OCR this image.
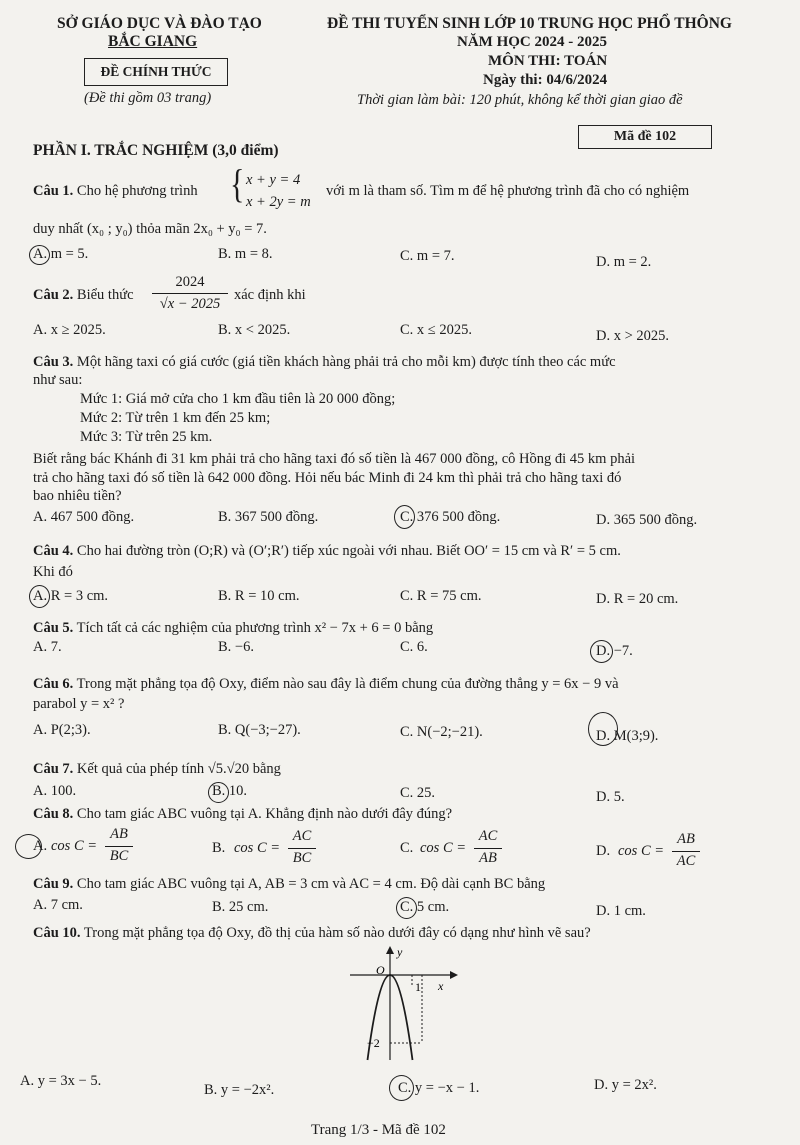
SỞ GIÁO DỤC VÀ ĐÀO TẠO
BẮC GIANG
ĐỀ CHÍNH THỨC
(Đề thi gồm 03 trang)
ĐỀ THI TUYỂN SINH LỚP 10 TRUNG HỌC PHỔ THÔNG
NĂM HỌC 2024 - 2025
MÔN THI: TOÁN
Ngày thi: 04/6/2024
Thời gian làm bài: 120 phút, không kể thời gian giao đề
Mã đề 102
PHẦN I. TRẮC NGHIỆM (3,0 điểm)
Câu 1. Cho hệ phương trình { x + y = 4
x + 2y = m
với m là tham số. Tìm m để hệ phương trình đã cho có nghiệm
duy nhất (x₀ ; y₀) thỏa mãn 2x₀ + y₀ = 7.
A. m = 5.	B. m = 8.	C. m = 7.	D. m = 2.
Câu 2. Biểu thức
2024
√x − 2025
xác định khi
A. x ≥ 2025.	B. x < 2025.	C. x ≤ 2025.	D. x > 2025.
Câu 3. Một hãng taxi có giá cước (giá tiền khách hàng phải trả cho mỗi km) được tính theo các mức
như sau:
Mức 1: Giá mở cửa cho 1 km đầu tiên là 20 000 đồng;
Mức 2: Từ trên 1 km đến 25 km;
Mức 3: Từ trên 25 km.
Biết rằng bác Khánh đi 31 km phải trả cho hãng taxi đó số tiền là 467 000 đồng, cô Hồng đi 45 km phải
trả cho hãng taxi đó số tiền là 642 000 đồng. Hỏi nếu bác Minh đi 24 km thì phải trả cho hãng taxi đó
bao nhiêu tiền?
A. 467 500 đồng.	B. 367 500 đồng.	C. 376 500 đồng.	D. 365 500 đồng.
Câu 4. Cho hai đường tròn (O;R) và (O′;R′) tiếp xúc ngoài với nhau. Biết OO′ = 15 cm và R′ = 5 cm.
Khi đó
A. R = 3 cm.	B. R = 10 cm.	C. R = 75 cm.	D. R = 20 cm.
Câu 5. Tích tất cả các nghiệm của phương trình x² − 7x + 6 = 0 bằng
A. 7.	B. −6.	C. 6.	D. −7.
Câu 6. Trong mặt phẳng tọa độ Oxy, điểm nào sau đây là điểm chung của đường thẳng y = 6x − 9 và
parabol y = x² ?
A. P(2;3).	B. Q(−3;−27).	C. N(−2;−21).	D. M(3;9).
Câu 7. Kết quả của phép tính √5.√20 bằng
A. 100.	B. 10.	C. 25.	D. 5.
Câu 8. Cho tam giác ABC vuông tại A. Khẳng định nào dưới đây đúng?
A. cos C =
AB
BC	B. cos C =
AC
BC
C. cos C =
AC
AB	D. cos C =
AB
AC
Câu 9. Cho tam giác ABC vuông tại A, AB = 3 cm và AC = 4 cm. Độ dài cạnh BC bằng
A. 7 cm.	B. 25 cm.	C. 5 cm.	D. 1 cm.
Câu 10. Trong mặt phẳng tọa độ Oxy, đồ thị của hàm số nào dưới đây có dạng như hình vẽ sau?
y
x
O
1
−2
A. y = 3x − 5.
B. y = −2x².	C. y = −x − 1.	D. y = 2x².
Trang 1/3 - Mã đề 102
